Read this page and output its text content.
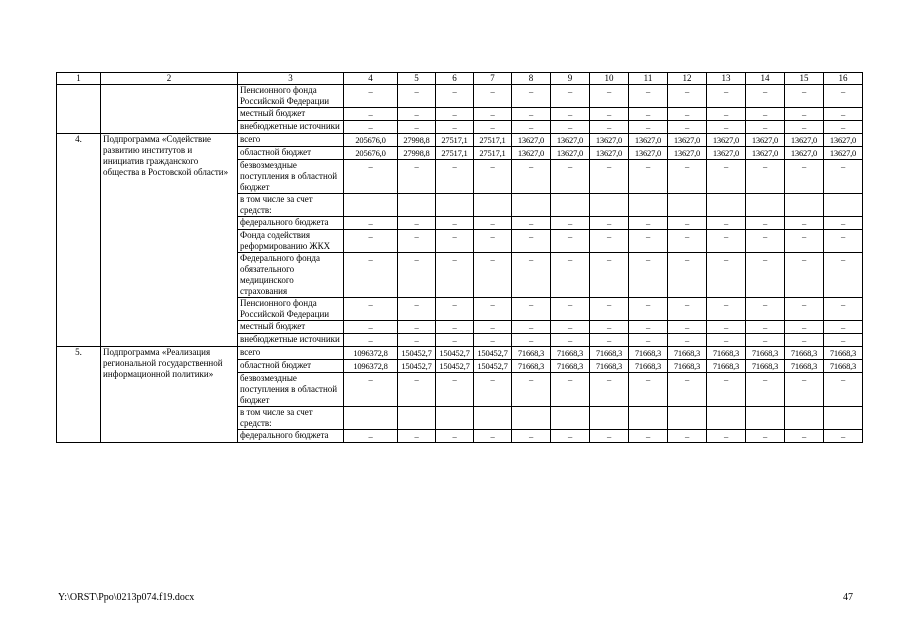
1	2	3	4	5	6	7	8	9	10	11	12	13	14	15	16
		Пенсионного фонда Российской Федерации	–	–	–	–	–	–	–	–	–	–	–	–	–
		местный бюджет	–	–	–	–	–	–	–	–	–	–	–	–	–
		внебюджетные источники	–	–	–	–	–	–	–	–	–	–	–	–	–
4.	Подпрограмма «Содействие развитию институтов и инициатив гражданского общества в Ростовской области»	всего	205676,0	27998,8	27517,1	27517,1	13627,0	13627,0	13627,0	13627,0	13627,0	13627,0	13627,0	13627,0	13627,0
		областной бюджет	205676,0	27998,8	27517,1	27517,1	13627,0	13627,0	13627,0	13627,0	13627,0	13627,0	13627,0	13627,0	13627,0
		безвозмездные поступления в областной бюджет	–	–	–	–	–	–	–	–	–	–	–	–	–
		в том числе за счет средств:													
		федерального бюджета	–	–	–	–	–	–	–	–	–	–	–	–	–
		Фонда содействия реформированию ЖКХ	–	–	–	–	–	–	–	–	–	–	–	–	–
		Федерального фонда обязательного медицинского страхования	–	–	–	–	–	–	–	–	–	–	–	–	–
		Пенсионного фонда Российской Федерации	–	–	–	–	–	–	–	–	–	–	–	–	–
		местный бюджет	–	–	–	–	–	–	–	–	–	–	–	–	–
		внебюджетные источники	–	–	–	–	–	–	–	–	–	–	–	–	–
5.	Подпрограмма «Реализация региональной государственной информационной политики»	всего	1096372,8	150452,7	150452,7	150452,7	71668,3	71668,3	71668,3	71668,3	71668,3	71668,3	71668,3	71668,3	71668,3
		областной бюджет	1096372,8	150452,7	150452,7	150452,7	71668,3	71668,3	71668,3	71668,3	71668,3	71668,3	71668,3	71668,3	71668,3
		безвозмездные поступления в областной бюджет	–	–	–	–	–	–	–	–	–	–	–	–	–
		в том числе за счет средств:													
		федерального бюджета	–	–	–	–	–	–	–	–	–	–	–	–	–
Y:\ORST\Ppo\0213p074.f19.docx	47
